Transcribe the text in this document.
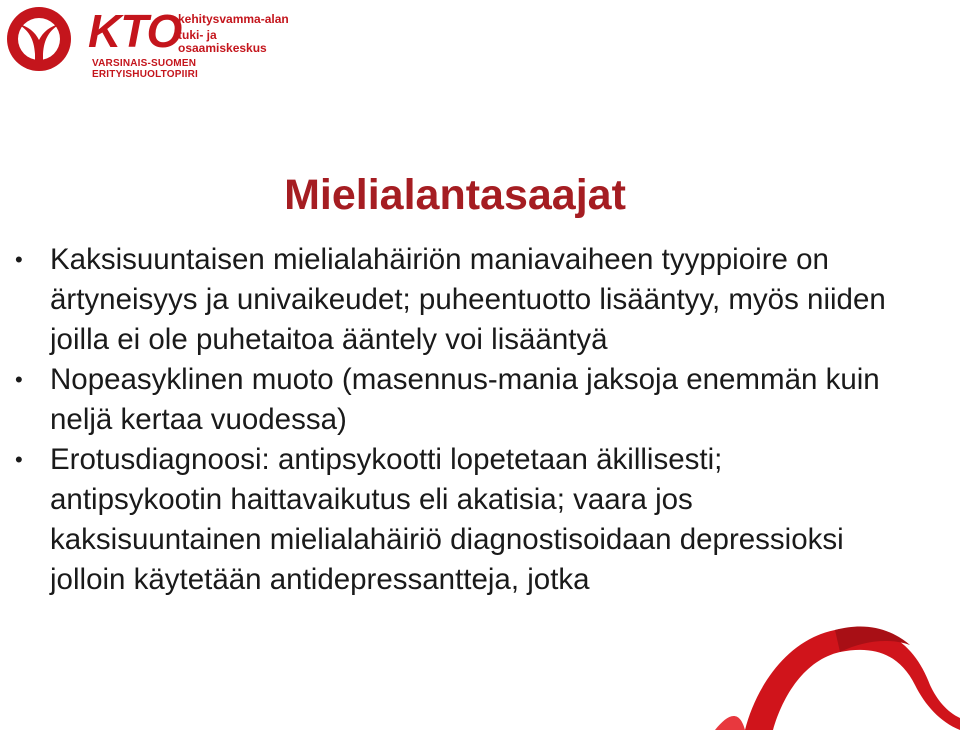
KTO
kehitysvamma-alan
tuki- ja osaamiskeskus
VARSINAIS-SUOMEN ERITYISHUOLTOPIIRI
Mielialantasaajat
• Kaksisuuntaisen mielialahäiriön maniavaiheen tyyppioire on ärtyneisyys ja univaikeudet; puheentuotto lisääntyy, myös niiden joilla ei ole puhetaitoa ääntely voi lisääntyä
• Nopeasyklinen muoto (masennus-mania jaksoja enemmän kuin neljä kertaa vuodessa)
• Erotusdiagnoosi: antipsykootti lopetetaan äkillisesti; antipsykootin haittavaikutus eli akatisia; vaara jos kaksisuuntainen mielialahäiriö diagnostisoidaan depressioksi jolloin käytetään antidepressantteja, jotka
